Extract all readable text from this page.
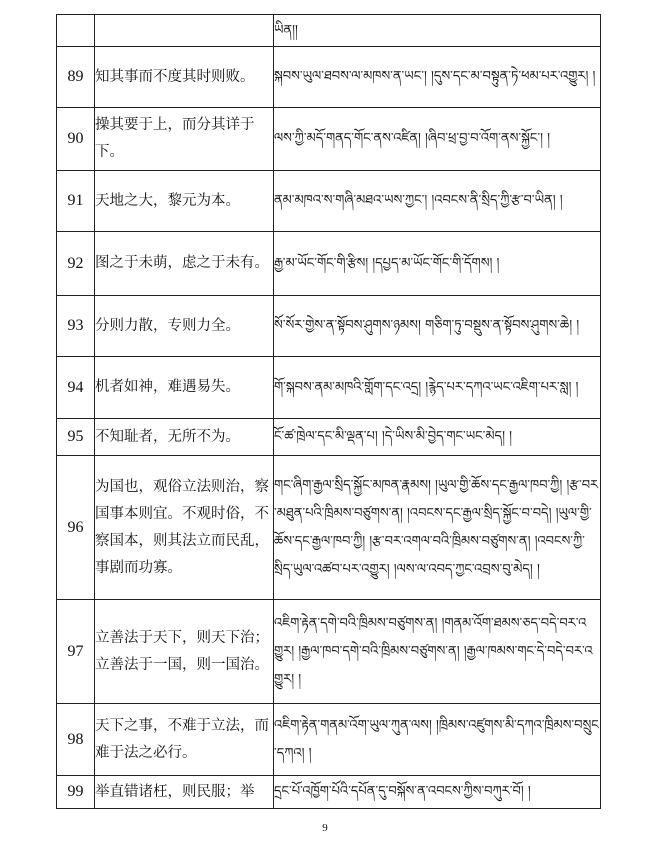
		ཡིན།།
89	知其事而不度其时则败。	སྐབས་ཡུལ་ཐབས་ལ་མཁས་ན་ཡང་། །དུས་དང་མ་བསྟུན་ཏེ་ཕམ་པར་འགྱུར། །
90	操其要于上，而分其详于下。	ལས་ཀྱི་མདོ་གནད་གོང་ནས་འཛིན། །ཞིབ་ཕྲ་བྱ་བ་འོག་ནས་སྐྱོང་། །
91	天地之大，黎元为本。	ནམ་མཁའ་ས་གཞི་མཐའ་ཡས་ཀྱང་། །འབངས་ནི་སྲིད་ཀྱི་རྩ་བ་ཡིན། །
92	图之于未萌，虑之于未有。	རྒྱ་མ་ཡོང་གོང་གི་རྩིས། །དཔྱད་མ་ཡོང་གོང་གི་དོགས། །
93	分则力散，专则力全。	སོ་སོར་གྱེས་ན་སྟོབས་ཤུགས་ཉམས། གཅིག་ཏུ་བསྡུས་ན་སྟོབས་ཤུགས་ཆེ། །
94	机者如神，难遇易失。	གོ་སྐབས་ནམ་མཁའི་གློག་དང་འདྲ། །རྙེད་པར་དཀའ་ཡང་འཇིག་པར་སླ། །
95	不知耻者，无所不为。	ངོ་ཚ་ཁྲེལ་དང་མི་ལྡན་པ། །དེ་ཡིས་མི་བྱེད་གང་ཡང་མེད། །
96	为国也，观俗立法则治，察国事本则宜。不观时俗，不察国本，则其法立而民乱，事剧而功寡。	གང་ཞིག་རྒྱལ་སྲིད་སྐྱོང་མཁན་རྣམས། །ཡུལ་གྱི་ཆོས་དང་རྒྱལ་ཁབ་ཀྱི། །རྩ་བར་མཐུན་པའི་ཁྲིམས་བཙུགས་ན། །འབངས་དང་རྒྱལ་སྲིད་སྐྱོང་བ་བདེ། །ཡུལ་གྱི་ཆོས་དང་རྒྱལ་ཁབ་ཀྱི། །རྩ་བར་འགལ་བའི་ཁྲིམས་བཙུགས་ན། །འབངས་ཀྱི་སྲིད་ཡུལ་འཚབ་པར་འགྱུར། །ལས་ལ་འབད་ཀྱང་འབྲས་བུ་མེད། །
97	立善法于天下，则天下治；立善法于一国，则一国治。	འཇིག་རྟེན་དགེ་བའི་ཁྲིམས་བཙུགས་ན། །གནམ་འོག་ཐམས་ཅད་བདེ་བར་འགྱུར། །རྒྱལ་ཁབ་དགེ་བའི་ཁྲིམས་བཙུགས་ན། །རྒྱལ་ཁམས་གང་དེ་བདེ་བར་འགྱུར། །
98	天下之事，不难于立法，而难于法之必行。	འཇིག་རྟེན་གནམ་འོག་ཡུལ་ཀུན་ལས། །ཁྲིམས་འཛུགས་མི་དཀའ་ཁྲིམས་བསྲུང་དཀའ། །
99	举直错诸枉，则民服；举	དྲང་པོ་འཁྱོག་པོའི་དཔོན་དུ་བསྐོས་ན་འབངས་ཀྱིས་བཀུར་བོ། །
9
